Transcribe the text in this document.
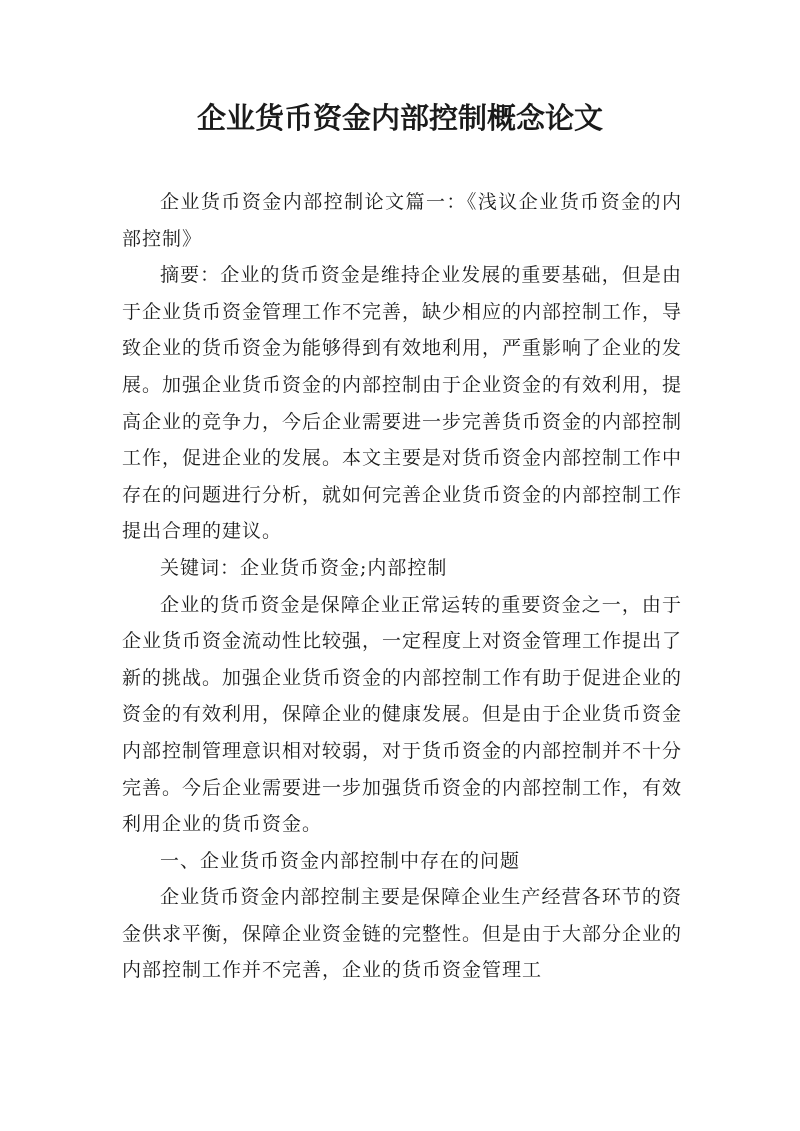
企业货币资金内部控制概念论文

企业货币资金内部控制论文篇一：《浅议企业货币资金的内部控制》

摘要：企业的货币资金是维持企业发展的重要基础，但是由于企业货币资金管理工作不完善，缺少相应的内部控制工作，导致企业的货币资金为能够得到有效地利用，严重影响了企业的发展。加强企业货币资金的内部控制由于企业资金的有效利用，提高企业的竞争力，今后企业需要进一步完善货币资金的内部控制工作，促进企业的发展。本文主要是对货币资金内部控制工作中存在的问题进行分析，就如何完善企业货币资金的内部控制工作提出合理的建议。

关键词：企业货币资金;内部控制

企业的货币资金是保障企业正常运转的重要资金之一，由于企业货币资金流动性比较强，一定程度上对资金管理工作提出了新的挑战。加强企业货币资金的内部控制工作有助于促进企业的资金的有效利用，保障企业的健康发展。但是由于企业货币资金内部控制管理意识相对较弱，对于货币资金的内部控制并不十分完善。今后企业需要进一步加强货币资金的内部控制工作，有效利用企业的货币资金。

一、企业货币资金内部控制中存在的问题

企业货币资金内部控制主要是保障企业生产经营各环节的资金供求平衡，保障企业资金链的完整性。但是由于大部分企业的内部控制工作并不完善，企业的货币资金管理工
